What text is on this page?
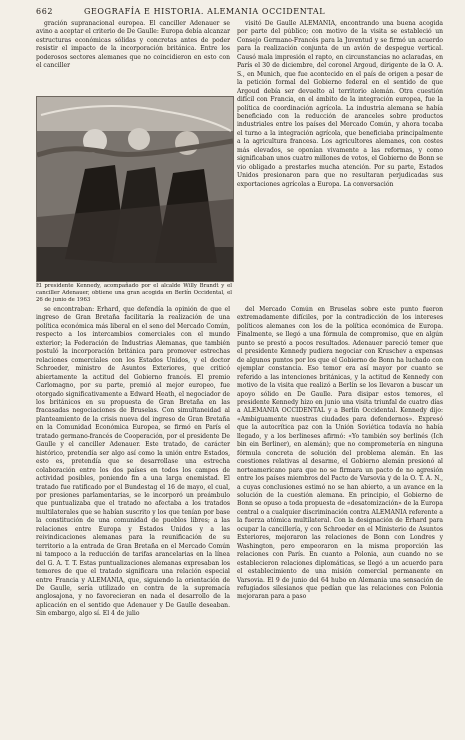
662	GEOGRAFÍA E HISTORIA. ALEMANIA OCCIDENTAL

gración supranacional europea. El canciller Adenauer se avino a aceptar el criterio de De Gaulle: Europa debía alcanzar estructuras económicas sólidas y concretas antes de poder resistir el impacto de la incorporación británica. Entre los poderosos sectores alemanes que no coincidieron en esto con el canciller

El presidente Kennedy, acompañado por el alcalde Willy Brandt y el canciller Adenauer, obtiene una gran acogida en Berlín Occidental, el 26 de junio de 1963

se encontraban: Erhard, que defendía la opinión de que el ingreso de Gran Bretaña facilitaría la realización de una política económica más liberal en el seno del Mercado Común, respecto a los intercambios comerciales con el mundo exterior; la Federación de Industrias Alemanas, que también postuló la incorporación británica para promover estrechas relaciones comerciales con los Estados Unidos, y el doctor Schroeder, ministro de Asuntos Exteriores, que criticó abiertamente la actitud del Gobierno francés. El premio Carlomagno, por su parte, premió al mejor europeo, fue otorgado significativamente a Edward Heath, el negociador de los británicos en su propuesta de Gran Bretaña en las fracasadas negociaciones de Bruselas. Con simultaneidad al planteamiento de la crisis nueva del ingreso de Gran Bretaña en la Comunidad Económica Europea, se firmó en París el tratado germano-francés de Cooperación, por el presidente De Gaulle y el canciller Adenauer. Este tratado, de carácter histórico, pretendía ser algo así como la unión entre Estados, esto es, pretendía que se desarrollase una estrecha colaboración entre los dos países en todos los campos de actividad posibles, poniendo fin a una larga enemistad. El tratado fue ratificado por el Bundestag el 16 de mayo, el cual, por presiones parlamentarias, se le incorporó un preámbulo que puntualizaba que el tratado no afectaba a los tratados multilaterales que se habían suscrito y los que tenían por base la constitución de una comunidad de pueblos libres; a las relaciones entre Europa y Estados Unidos y a las reivindicaciones alemanas para la reunificación de su territorio a la entrada de Gran Bretaña en el Mercado Común ni tampoco a la reducción de tarifas arancelarias en la línea del G. A. T. T. Estas puntualizaciones alemanas expresaban los temores de que el tratado significara una relación especial entre Francia y ALEMANIA, que, siguiendo la orientación de De Gaulle, sería utilizado en contra de la supremacía anglosajona, y no favorecieran en nada el desarrollo de la aplicación en el sentido que Adenauer y De Gaulle deseaban. Sin embargo, algo sí. El 4 de julio

visitó De Gaulle ALEMANIA, encontrando una buena acogida por parte del público; con motivo de la visita se estableció un Consejo Germano-Francés para la Juventud y se firmó un acuerdo para la realización conjunta de un avión de despegue vertical. Causó mala impresión el rapto, en circunstancias no aclaradas, en París el 30 de diciembre, del coronel Argoud, dirigente de la O. A. S., en Munich, que fue acontecido en el país de origen a pesar de la petición formal del Gobierno federal en el sentido de que Argoud debía ser devuelto al territorio alemán. Otra cuestión difícil con Francia, en el ámbito de la integración europea, fue la política de coordinación agrícola. La industria alemana se había beneficiado con la reducción de aranceles sobre productos industriales entre los países del Mercado Común, y ahora tocaba el turno a la integración agrícola, que beneficiaba principalmente a la agricultura francesa. Los agricultores alemanes, con costes más elevados, se oponían vivamente a las reformas, y como significaban unos cuatro millones de votos, el Gobierno de Bonn se vio obligado a prestarles mucha atención. Por su parte, Estados Unidos presionaron para que no resultaran perjudicadas sus exportaciones agrícolas a Europa. La conversación

del Mercado Común en Bruselas sobre este punto fueron extremadamente difíciles, por la contradicción de los intereses políticos alemanes con los de la política económica de Europa. Finalmente, se llegó a una fórmula de compromiso, que en algún punto se prestó a pocos resultados. Adenauer pareció temer que el presidente Kennedy pudiera negociar con Kruschev a expensas de algunos puntos por los que el Gobierno de Bonn ha luchado con ejemplar constancia. Eso temor era así mayor por cuanto se referido a las intenciones británicas, y la actitud de Kennedy con motivo de la visita que realizó a Berlín se los llevaron a buscar un apoyo sólido en De Gaulle. Para disipar estos temores, el presidente Kennedy hizo en junio una visita triunfal de cuatro días a ALEMANIA OCCIDENTAL y a Berlín Occidental. Kennedy dijo: «Ambiguamente nuestras ciudades para defendernos». Expresó que la autocrítica paz con la Unión Soviética todavía no había llegado, y a los berlineses afirmó: «Yo también soy berlinés (Ich bin ein Berliner), en alemán); que no comprometería en ninguna fórmula concreta de solución del problema alemán. En las cuestiones relativas al desarme, el Gobierno alemán presionó al norteamericano para que no se firmara un pacto de no agresión entre los países miembros del Pacto de Varsovia y de la O. T. A. N., a cuyas conclusiones estimó no se han abierto, a un avance en la solución de la cuestión alemana. En principio, el Gobierno de Bonn se opuso a toda propuesta de «desatomización» de la Europa central o a cualquier discriminación contra ALEMANIA referente a la fuerza atómica multilateral. Con la designación de Erhard para ocupar la cancillería, y con Schroeder en el Ministerio de Asuntos Exteriores, mejoraron las relaciones de Bonn con Londres y Washington, pero empeoraron en la misma proporción las relaciones con París. En cuanto a Polonia, aun cuando no se establecieron relaciones diplomáticas, se llegó a un acuerdo para el establecimiento de una misión comercial permanente en Varsovia. El 9 de junio del 64 hubo en Alemania una sensación de refugiados silesianos que pedían que las relaciones con Polonia mejoraran para a paso
